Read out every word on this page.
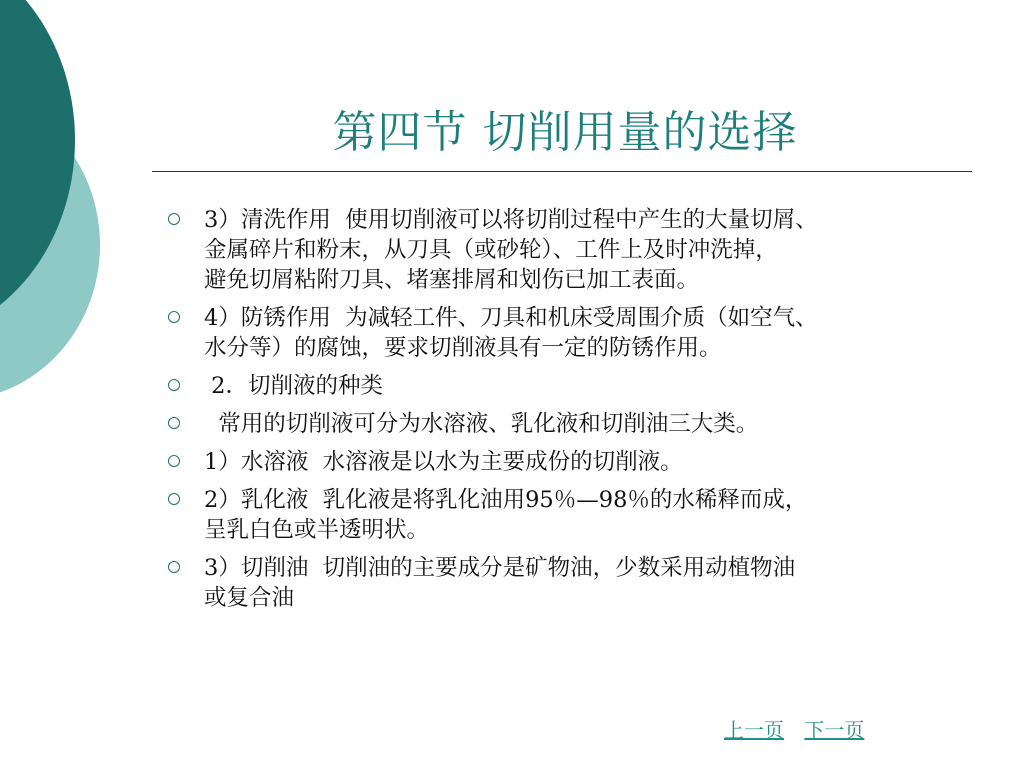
第四节 切削用量的选择
3）清洗作用  使用切削液可以将切削过程中产生的大量切屑、
金属碎片和粉末，从刀具（或砂轮）、工件上及时冲洗掉，
避免切屑粘附刀具、堵塞排屑和划伤已加工表面。
4）防锈作用  为减轻工件、刀具和机床受周围介质（如空气、
水分等）的腐蚀，要求切削液具有一定的防锈作用。
2．切削液的种类
常用的切削液可分为水溶液、乳化液和切削油三大类。
1）水溶液  水溶液是以水为主要成份的切削液。
2）乳化液  乳化液是将乳化油用95％—98％的水稀释而成，
呈乳白色或半透明状。
3）切削油  切削油的主要成分是矿物油，少数采用动植物油
或复合油
上一页 下一页
